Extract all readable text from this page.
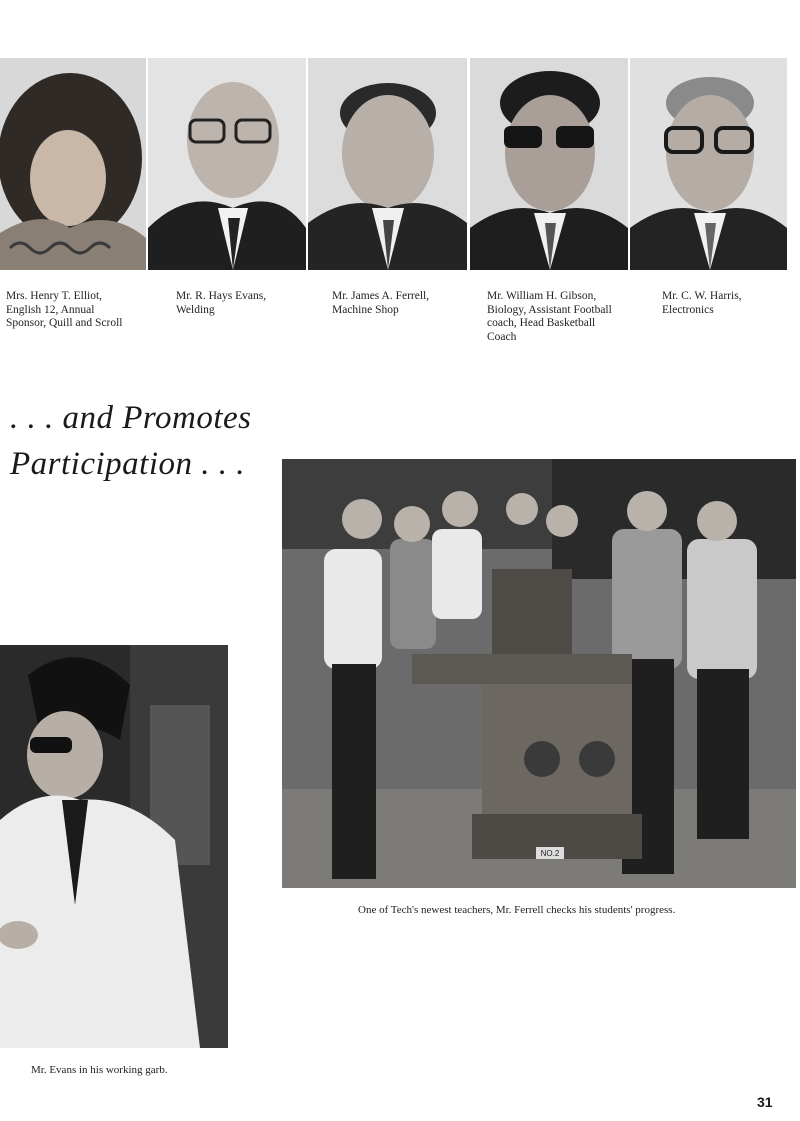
Mrs. Henry T. Elliot,
English 12, Annual
Sponsor, Quill and Scroll
Mr. R. Hays Evans,
Welding
Mr. James A. Ferrell,
Machine Shop
Mr. William H. Gibson,
Biology, Assistant Football
coach, Head Basketball
Coach
Mr. C. W. Harris,
Electronics
. . . and Promotes
Participation . . .
NO.2
One of Tech's newest teachers, Mr. Ferrell checks his students' progress.
Mr. Evans in his working garb.
31
